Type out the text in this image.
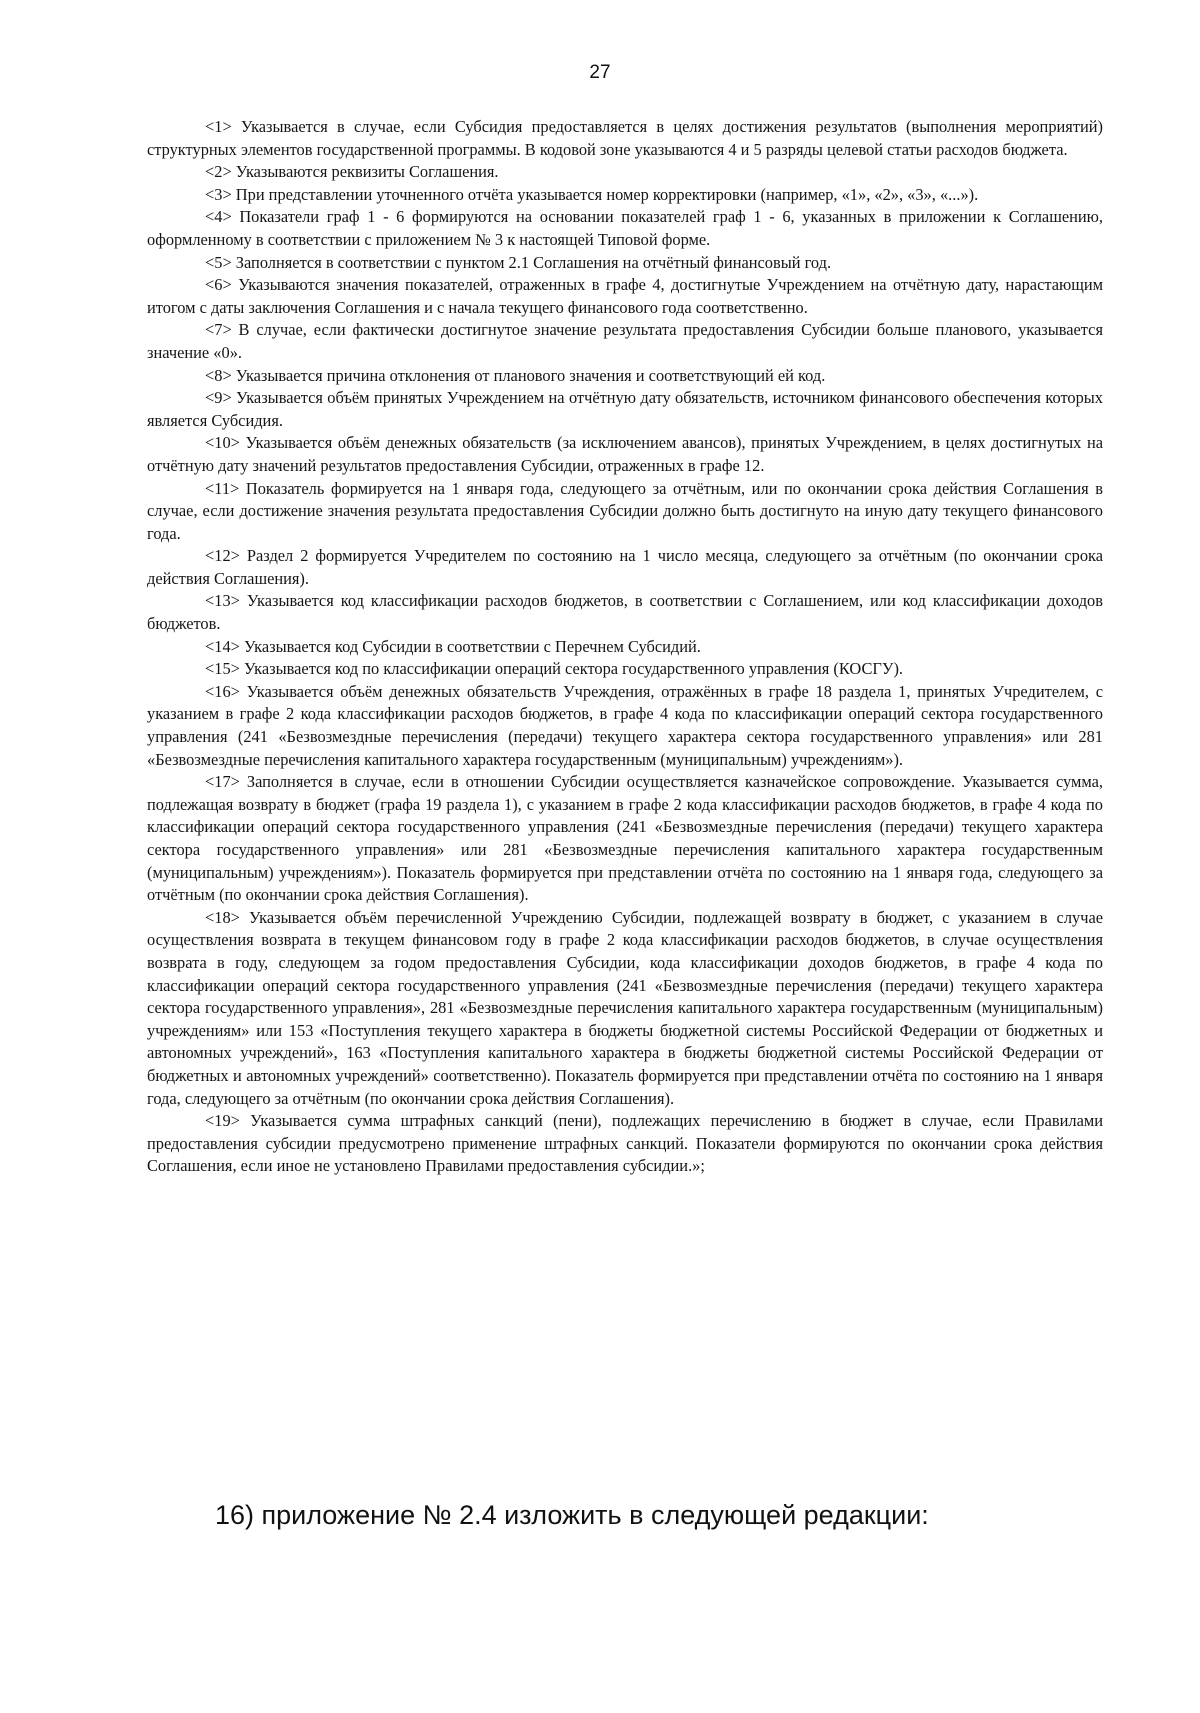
27

<1> Указывается в случае, если Субсидия предоставляется в целях достижения результатов (выполнения мероприятий) структурных элементов государственной программы. В кодовой зоне указываются 4 и 5 разряды целевой статьи расходов бюджета.

<2> Указываются реквизиты Соглашения.

<3> При представлении уточненного отчёта указывается номер корректировки (например, «1», «2», «3», «...»).

<4> Показатели граф 1 - 6 формируются на основании показателей граф 1 - 6, указанных в приложении к Соглашению, оформленному в соответствии с приложением № 3 к настоящей Типовой форме.

<5> Заполняется в соответствии с пунктом 2.1 Соглашения на отчётный финансовый год.

<6> Указываются значения показателей, отраженных в графе 4, достигнутые Учреждением на отчётную дату, нарастающим итогом с даты заключения Соглашения и с начала текущего финансового года соответственно.

<7> В случае, если фактически достигнутое значение результата предоставления Субсидии больше планового, указывается значение «0».

<8> Указывается причина отклонения от планового значения и соответствующий ей код.

<9> Указывается объём принятых Учреждением на отчётную дату обязательств, источником финансового обеспечения которых является Субсидия.

<10> Указывается объём денежных обязательств (за исключением авансов), принятых Учреждением, в целях достигнутых на отчётную дату значений результатов предоставления Субсидии, отраженных в графе 12.

<11> Показатель формируется на 1 января года, следующего за отчётным, или по окончании срока действия Соглашения в случае, если достижение значения результата предоставления Субсидии должно быть достигнуто на иную дату текущего финансового года.

<12> Раздел 2 формируется Учредителем по состоянию на 1 число месяца, следующего за отчётным (по окончании срока действия Соглашения).

<13> Указывается код классификации расходов бюджетов, в соответствии с Соглашением, или код классификации доходов бюджетов.

<14> Указывается код Субсидии в соответствии с Перечнем Субсидий.

<15> Указывается код по классификации операций сектора государственного управления (КОСГУ).

<16> Указывается объём денежных обязательств Учреждения, отражённых в графе 18 раздела 1, принятых Учредителем, с указанием в графе 2 кода классификации расходов бюджетов, в графе 4 кода по классификации операций сектора государственного управления (241 «Безвозмездные перечисления (передачи) текущего характера сектора государственного управления» или 281 «Безвозмездные перечисления капитального характера государственным (муниципальным) учреждениям»).

<17> Заполняется в случае, если в отношении Субсидии осуществляется казначейское сопровождение. Указывается сумма, подлежащая возврату в бюджет (графа 19 раздела 1), с указанием в графе 2 кода классификации расходов бюджетов, в графе 4 кода по классификации операций сектора государственного управления (241 «Безвозмездные перечисления (передачи) текущего характера сектора государственного управления» или 281 «Безвозмездные перечисления капитального характера государственным (муниципальным) учреждениям»). Показатель формируется при представлении отчёта по состоянию на 1 января года, следующего за отчётным (по окончании срока действия Соглашения).

<18> Указывается объём перечисленной Учреждению Субсидии, подлежащей возврату в бюджет, с указанием в случае осуществления возврата в текущем финансовом году в графе 2 кода классификации расходов бюджетов, в случае осуществления возврата в году, следующем за годом предоставления Субсидии, кода классификации доходов бюджетов, в графе 4 кода по классификации операций сектора государственного управления (241 «Безвозмездные перечисления (передачи) текущего характера сектора государственного управления», 281 «Безвозмездные перечисления капитального характера государственным (муниципальным) учреждениям» или 153 «Поступления текущего характера в бюджеты бюджетной системы Российской Федерации от бюджетных и автономных учреждений», 163 «Поступления капитального характера в бюджеты бюджетной системы Российской Федерации от бюджетных и автономных учреждений» соответственно). Показатель формируется при представлении отчёта по состоянию на 1 января года, следующего за отчётным (по окончании срока действия Соглашения).

<19> Указывается сумма штрафных санкций (пени), подлежащих перечислению в бюджет в случае, если Правилами предоставления субсидии предусмотрено применение штрафных санкций. Показатели формируются по окончании срока действия Соглашения, если иное не установлено Правилами предоставления субсидии.»;

16) приложение № 2.4 изложить в следующей редакции:
